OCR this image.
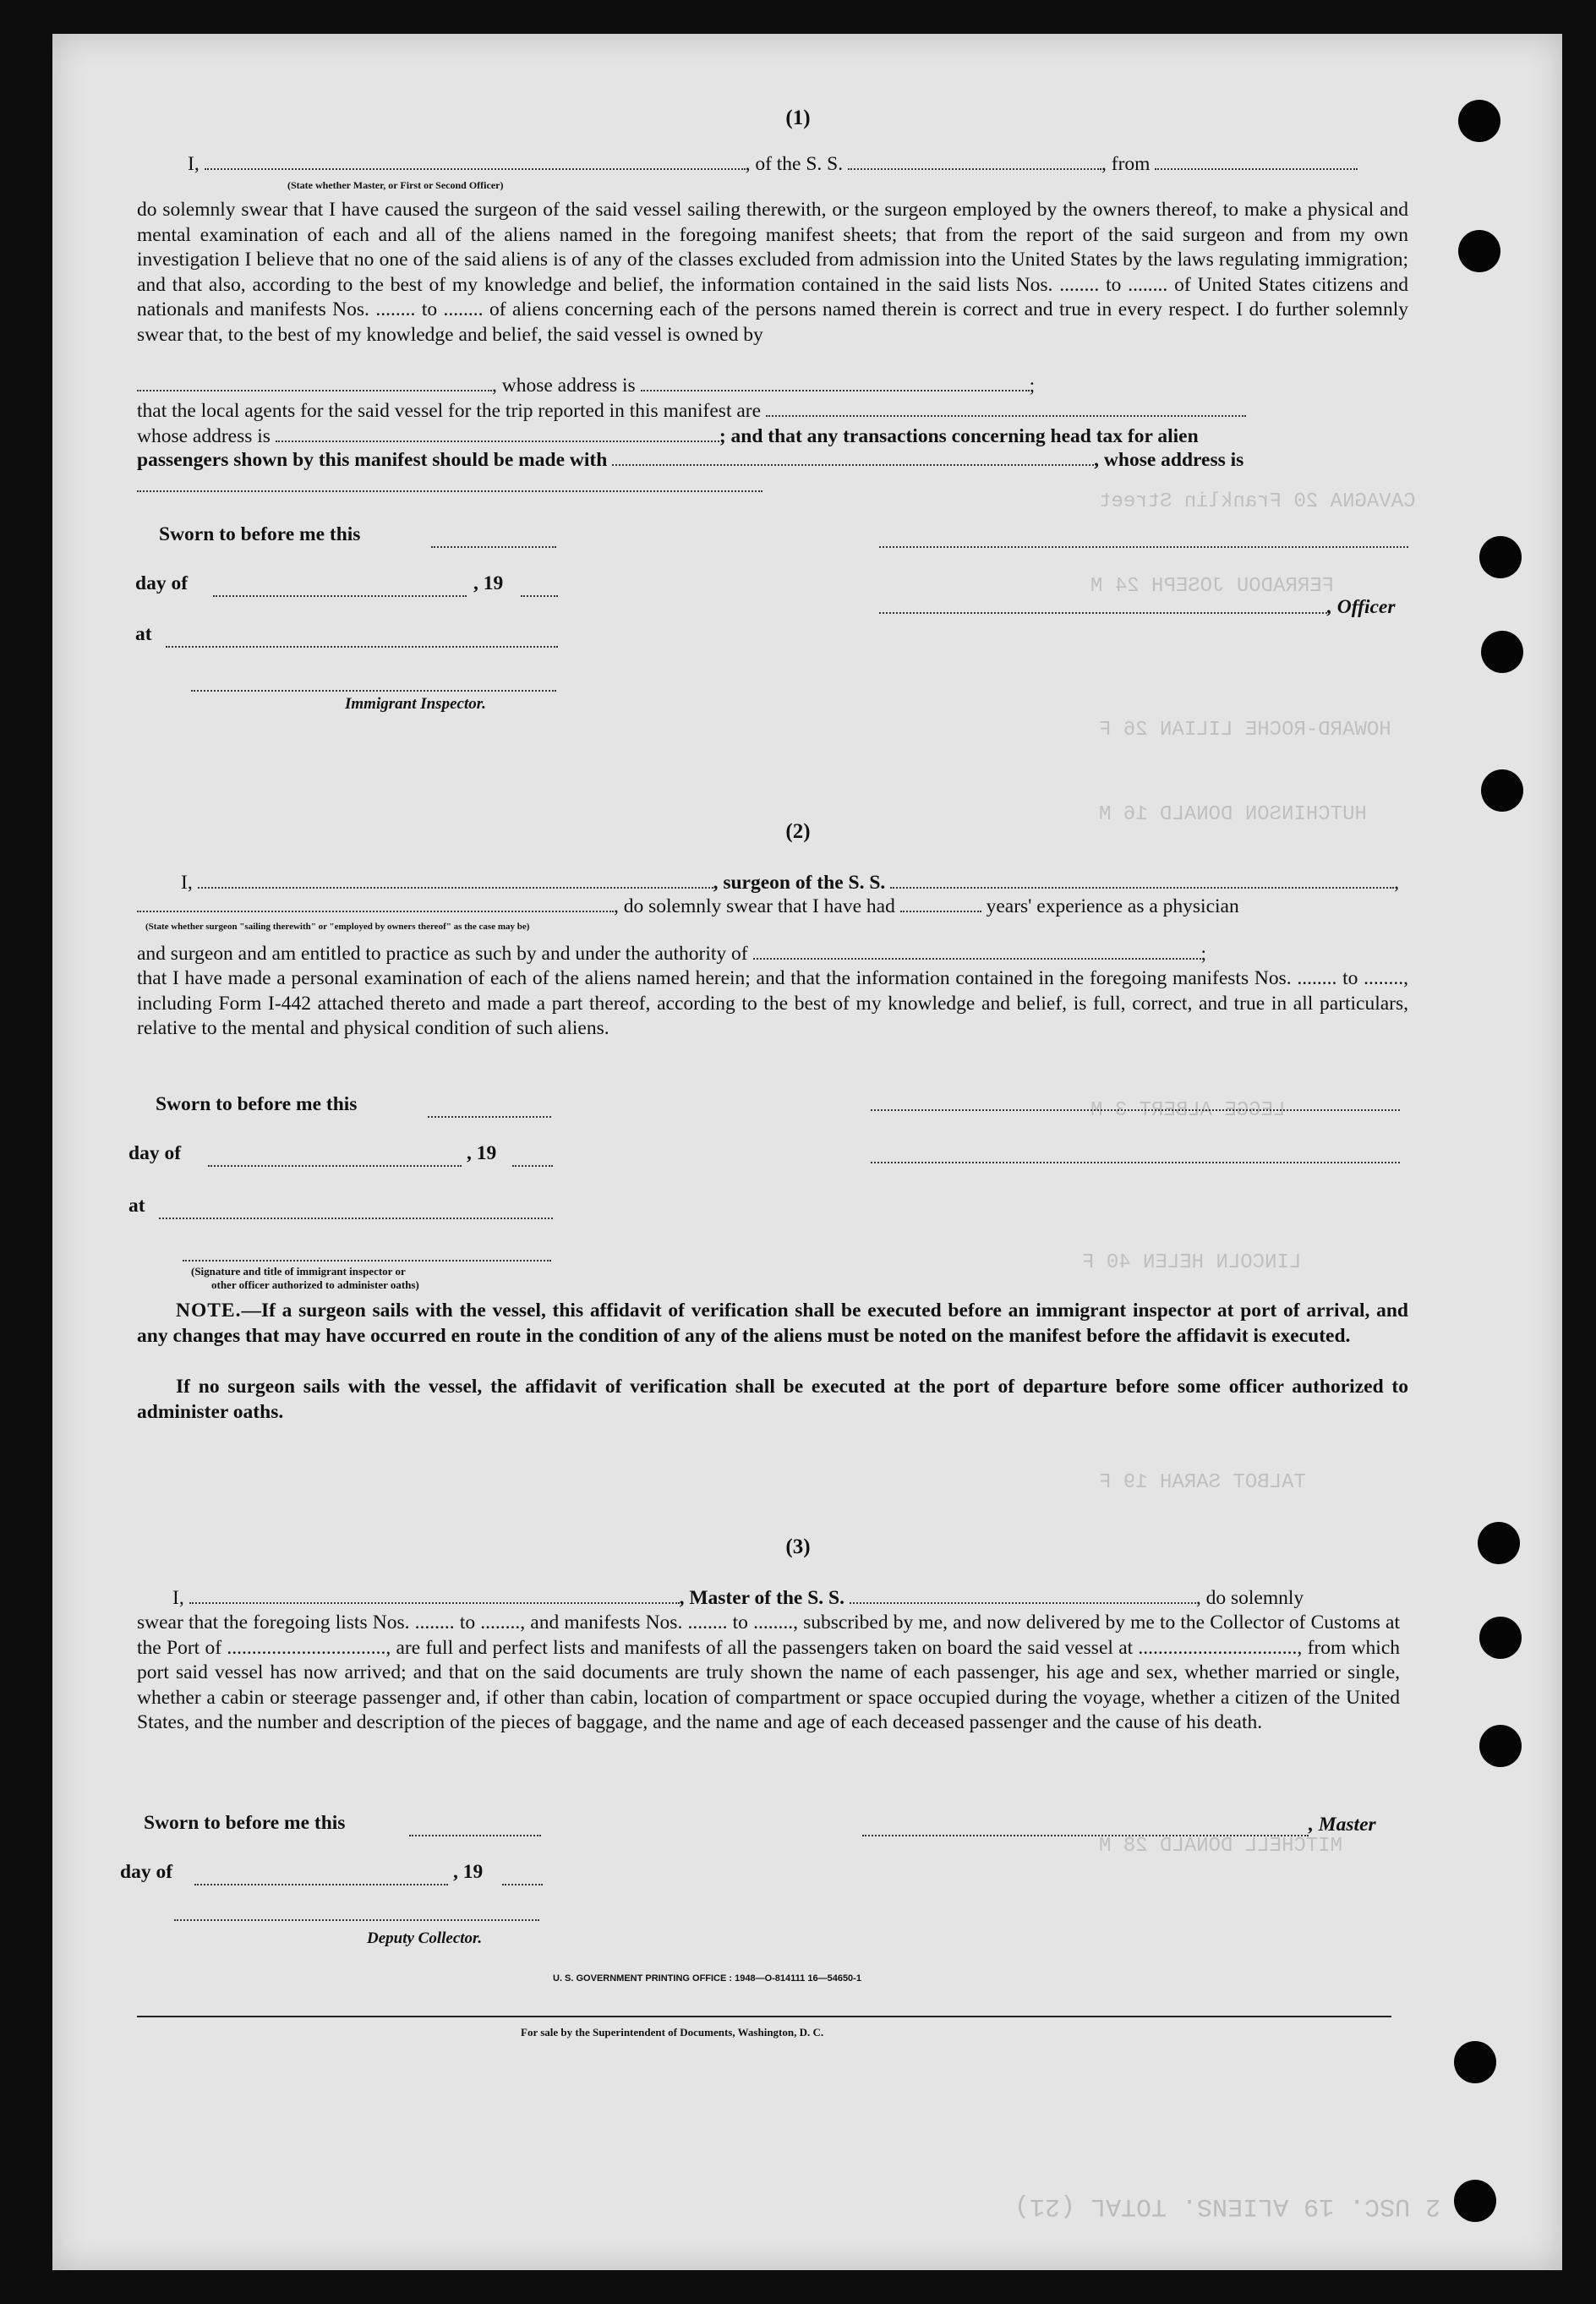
CAVAGNA 20 Franklin Street
FERRADOU JOSEPH 24 M
HOWARD-ROCHE LILIAN 26 F
HUTCHINSON DONALD 16 M
LEGGE ALBERT 3 M
LINCOLN HELEN 40 F
TALBOT SARAH 19 F
MITCHELL DONALD 28 M
(1)
I,	, of the S. S.	, from
(State whether Master, or First or Second Officer)
do solemnly swear that I have caused the surgeon of the said vessel sailing therewith, or the surgeon employed by the owners thereof, to make a physical and mental examination of each and all of the aliens named in the foregoing manifest sheets; that from the report of the said surgeon and from my own investigation I believe that no one of the said aliens is of any of the classes excluded from admission into the United States by the laws regulating immigration; and that also, according to the best of my knowledge and belief, the information contained in the said lists Nos. ........ to ........ of United States citizens and nationals and manifests Nos. ........ to ........ of aliens concerning each of the persons named therein is correct and true in every respect. I do further solemnly swear that, to the best of my knowledge and belief, the said vessel is owned by
, whose address is	;
that the local agents for the said vessel for the trip reported in this manifest are
whose address is	; and that any transactions concerning head tax for alien
passengers shown by this manifest should be made with	, whose address is
Sworn to before me this
day of	, 19
, Officer
at
Immigrant Inspector.
(2)
I,	, surgeon of the S. S.	,
, do solemnly swear that I have had	years' experience as a physician
(State whether surgeon "sailing therewith" or "employed by owners thereof" as the case may be)
and surgeon and am entitled to practice as such by and under the authority of	;
that I have made a personal examination of each of the aliens named herein; and that the information contained in the foregoing manifests Nos. ........ to ........, including Form I-442 attached thereto and made a part thereof, according to the best of my knowledge and belief, is full, correct, and true in all particulars, relative to the mental and physical condition of such aliens.
Sworn to before me this
day of	, 19
at
(Signature and title of immigrant inspector or
other officer authorized to administer oaths)
NOTE.—If a surgeon sails with the vessel, this affidavit of verification shall be executed before an immigrant inspector at port of arrival, and any changes that may have occurred en route in the condition of any of the aliens must be noted on the manifest before the affidavit is executed.
If no surgeon sails with the vessel, the affidavit of verification shall be executed at the port of departure before some officer authorized to administer oaths.
(3)
I,	, Master of the S. S.	, do solemnly
swear that the foregoing lists Nos. ........ to ........, and manifests Nos. ........ to ........, subscribed by me, and now delivered by me to the Collector of Customs at the Port of ................................, are full and perfect lists and manifests of all the passengers taken on board the said vessel at ................................, from which port said vessel has now arrived; and that on the said documents are truly shown the name of each passenger, his age and sex, whether married or single, whether a cabin or steerage passenger and, if other than cabin, location of compartment or space occupied during the voyage, whether a citizen of the United States, and the number and description of the pieces of baggage, and the name and age of each deceased passenger and the cause of his death.
Sworn to before me this	, Master
day of	, 19
Deputy Collector.
U. S. GOVERNMENT PRINTING OFFICE : 1948—O-814111 16—54650-1
For sale by the Superintendent of Documents, Washington, D. C.
2 USC. 19 ALIENS. TOTAL (21)
